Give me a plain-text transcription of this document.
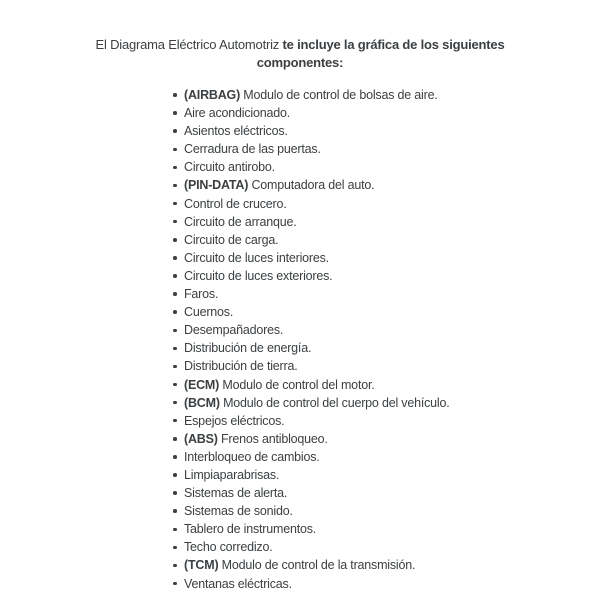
El Diagrama Eléctrico Automotriz te incluye la gráfica de los siguientes
componentes:
(AIRBAG) Modulo de control de bolsas de aire.
Aire acondicionado.
Asientos eléctricos.
Cerradura de las puertas.
Circuito antirobo.
(PIN-DATA) Computadora del auto.
Control de crucero.
Circuito de arranque.
Circuito de carga.
Circuito de luces interiores.
Circuito de luces exteriores.
Faros.
Cuernos.
Desempañadores.
Distribución de energía.
Distribución de tierra.
(ECM) Modulo de control del motor.
(BCM) Modulo de control del cuerpo del vehículo.
Espejos eléctricos.
(ABS) Frenos antibloqueo.
Interbloqueo de cambios.
Limpiaparabrisas.
Sistemas de alerta.
Sistemas de sonido.
Tablero de instrumentos.
Techo corredizo.
(TCM) Modulo de control de la transmisión.
Ventanas eléctricas.
